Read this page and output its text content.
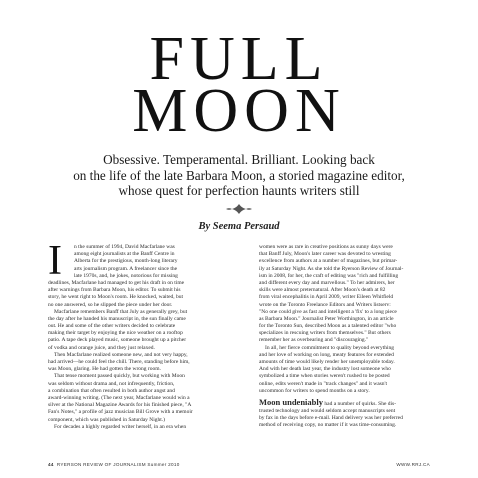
FULL
MOON
Obsessive. Temperamental. Brilliant. Looking back
on the life of the late Barbara Moon, a storied magazine editor,
whose quest for perfection haunts writers still
By Seema Persaud
I	n the summer of 1994, David Macfarlane was
among eight journalists at the Banff Centre in
Alberta for the prestigious, month-long literary
arts journalism program. A freelancer since the
late 1970s, and, he jokes, notorious for missing
deadlines, Macfarlane had managed to get his draft in on time
after warnings from Barbara Moon, his editor. To submit his
story, he went right to Moon's room. He knocked, waited, but
no one answered, so he slipped the piece under her door.
Macfarlane remembers Banff that July as generally grey, but
the day after he handed his manuscript in, the sun finally came
out. He and some of the other writers decided to celebrate
making their target by enjoying the nice weather on a rooftop
patio. A tape deck played music, someone brought up a pitcher
of vodka and orange juice, and they just relaxed.
Then Macfarlane realized someone new, and not very happy,
had arrived—he could feel the chill. There, standing before him,
was Moon, glaring. He had gotten the wrong room.
That tense moment passed quickly, but working with Moon
was seldom without drama and, not infrequently, friction,
a combination that often resulted in both author angst and
award-winning writing. (The next year, Macfarlane would win a
silver at the National Magazine Awards for his finished piece, "A
Fan's Notes," a profile of jazz musician Bill Grove with a memoir
component, which was published in Saturday Night.)
For decades a highly regarded writer herself, in an era when
women were as rare in creative positions as sunny days were
that Banff July, Moon's later career was devoted to wresting
excellence from authors at a number of magazines, but primar-
ily at Saturday Night. As she told the Ryerson Review of Journal-
ism in 2008, for her, the craft of editing was "rich and fulfilling
and different every day and marvellous." To her admirers, her
skills were almost preternatural. After Moon's death at 82
from viral encephalitis in April 2009, writer Eileen Whitfield
wrote on the Toronto Freelance Editors and Writers listserv:
"No one could give as fast and intelligent a 'fix' to a long piece
as Barbara Moon." Journalist Peter Worthington, in an article
for the Toronto Sun, described Moon as a talented editor "who
specializes in rescuing writers from themselves." But others
remember her as overbearing and "discouraging."
In all, her fierce commitment to quality beyond everything
and her love of working on long, meaty features for extended
amounts of time would likely render her unemployable today.
And with her death last year, the industry lost someone who
symbolized a time when stories weren't rushed to be posted
online, edits weren't made in "track changes" and it wasn't
uncommon for writers to spend months on a story.
Moon undeniably had a number of quirks. She dis-
trusted technology and would seldom accept manuscripts sent
by fax in the days before e-mail. Hand delivery was her preferred
method of receiving copy, no matter if it was time-consuming.
44 RYERSON REVIEW OF JOURNALISM Summer 2010	WWW.RRJ.CA
